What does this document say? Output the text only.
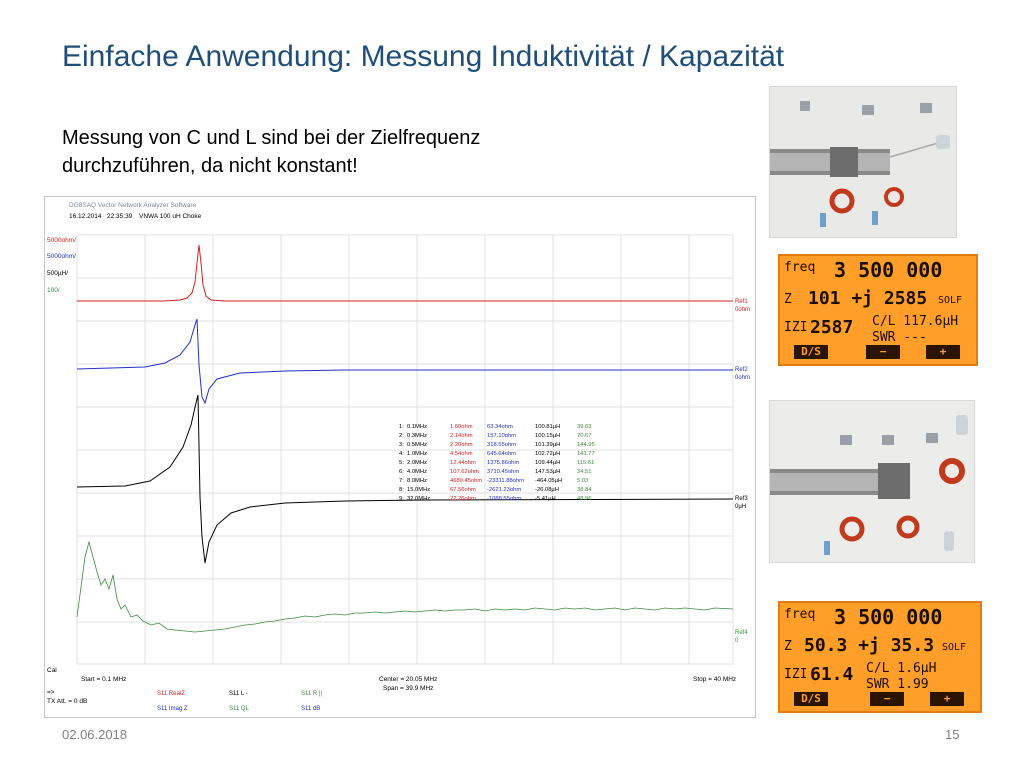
Einfache Anwendung: Messung Induktivität / Kapazität
Messung von C und L sind bei der Zielfrequenz
durchzuführen, da nicht konstant!
DG8SAQ Vector Network Analyzer Software
16.12.2014 22:35:39 VNWA 100 uH Choke
5000ohm/
5000ohm/
500µH/
100/
Ref1
0ohm
Ref2
0ohm
Ref3
0µH
Ref4
0
1: 0.1MHz	1.60ohm 63.34ohm	100.81µH	39.63
2: 0.3MHz	2.14ohm 157.10ohm	100.15µH	70.67
3: 0.5MHz	2.20ohm 318.55ohm	101.39µH	144.95
4: 1.0MHz	4.54ohm 645.64ohm	102.72µH	141.77
5: 2.0MHz	12.44ohm 1375.86ohm	109.44µH	115.61
6: 4.0MHz	107.62ohm 3710.45ohm	147.53µH	34.51
7: 8.0MHz	4680.45ohm -23311.88ohm -464.05µH	5.03
8: 15.0MHz	67.56ohm -2621.23ohm -26.08µH	38.84
9: 32.0MHz	22.26ohm -1088.55ohm -5.41µH	48.96
Cal
Start = 0.1 MHz	Center = 20.05 MHz
Span = 39.9 MHz
Stop = 40 MHz
=>
TX Att. = 0 dB
S11 RealZ	S11 L -	S11 R ||
S11 Imag Z	S11 QL	S11 dB
freq 3 500 000
Z 101 +j 2585 SOLF
IZI 2587 C/L 117.6µH
SWR ---
D/S	−	+
freq 3 500 000
Z 50.3 +j 35.3 SOLF
IZI 61.4 C/L 1.6µH
SWR 1.99
D/S	−	+
02.06.2018	15
